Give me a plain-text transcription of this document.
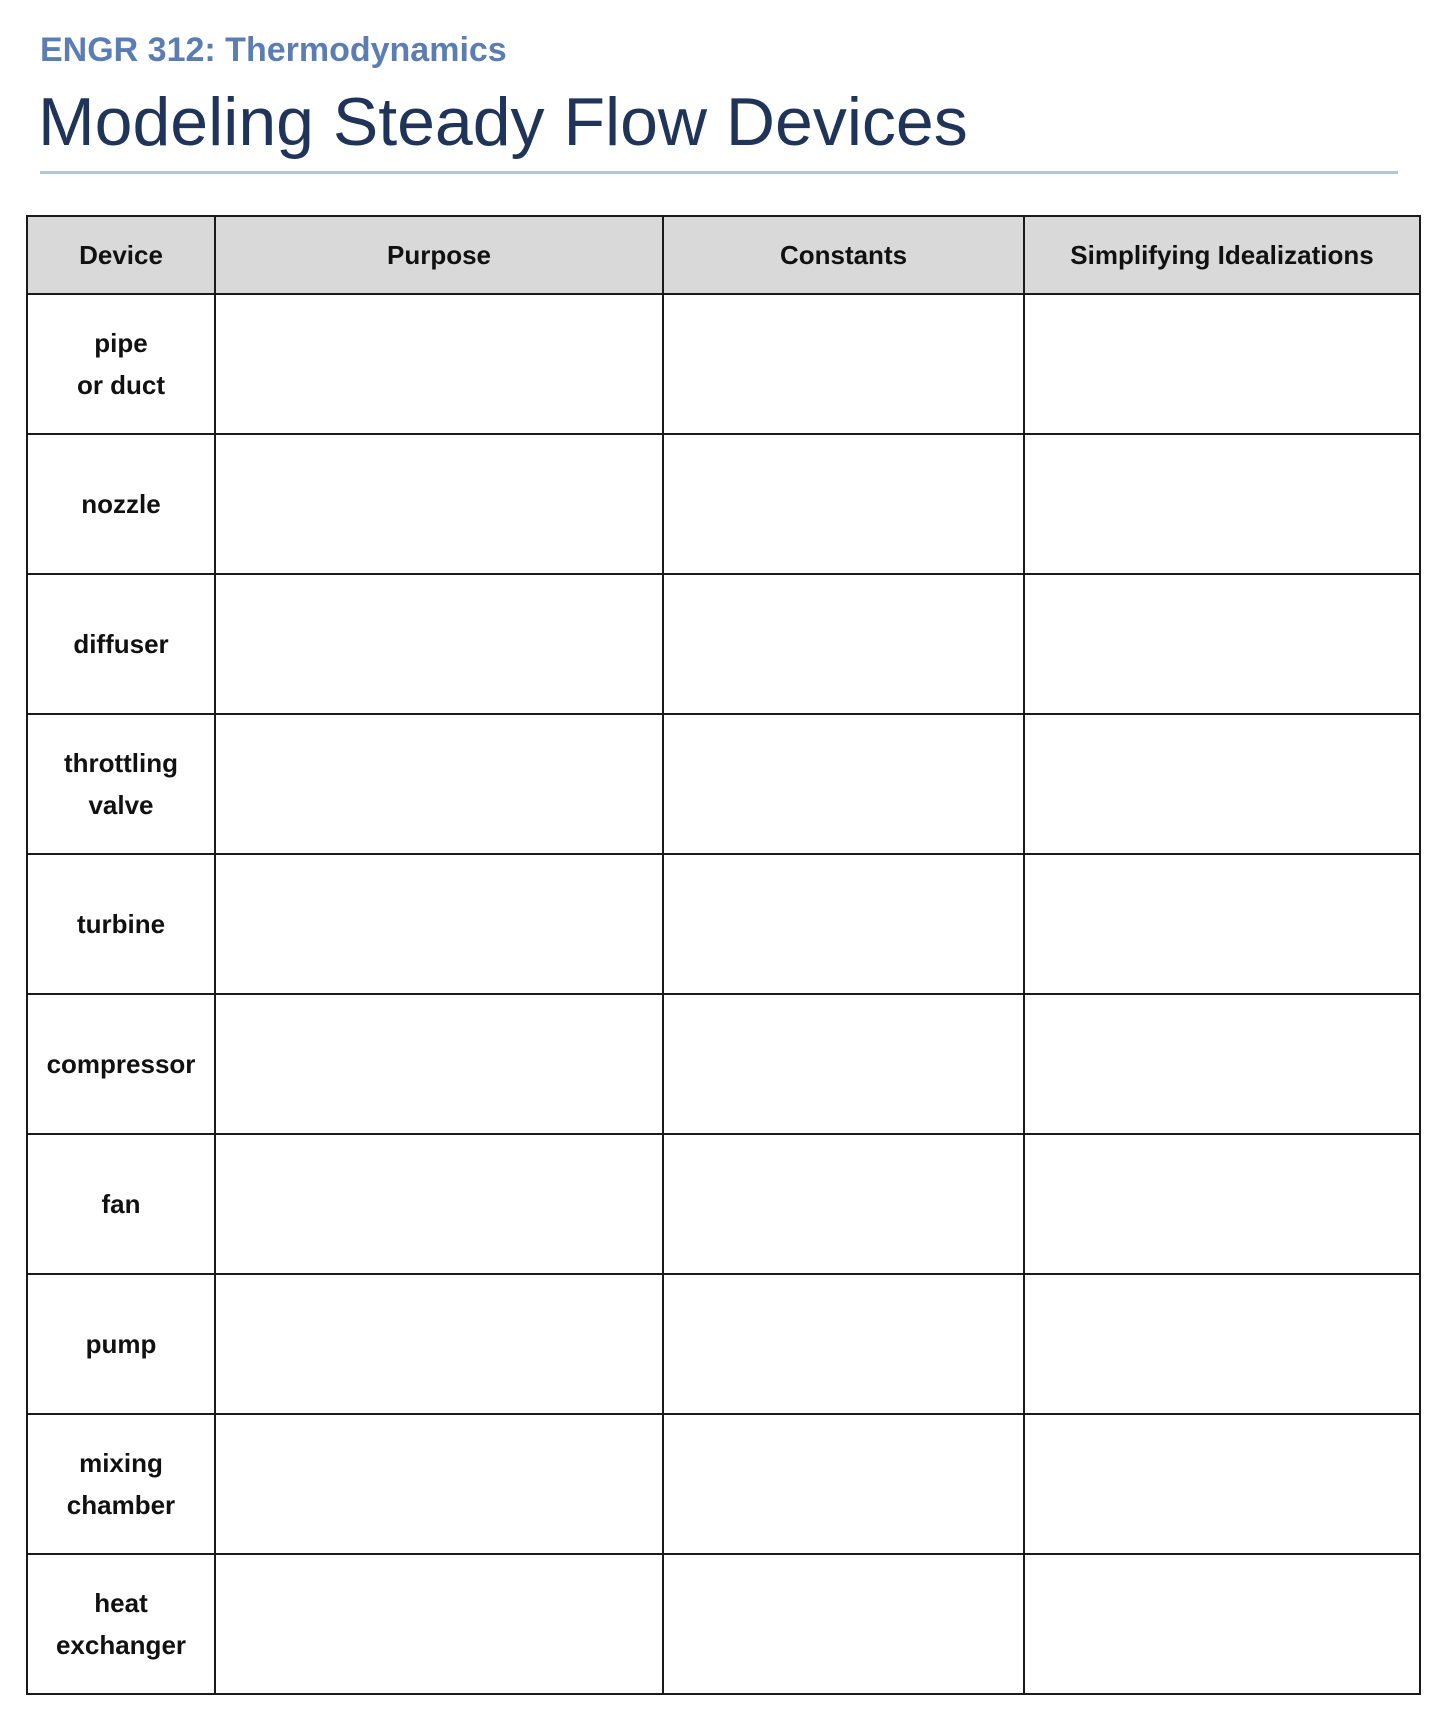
ENGR 312: Thermodynamics
Modeling Steady Flow Devices
Device	Purpose	Constants	Simplifying Idealizations

pipe
or duct			

nozzle			

diffuser			

throttling
valve			

turbine			

compressor			

fan			

pump			

mixing
chamber			

heat
exchanger			
